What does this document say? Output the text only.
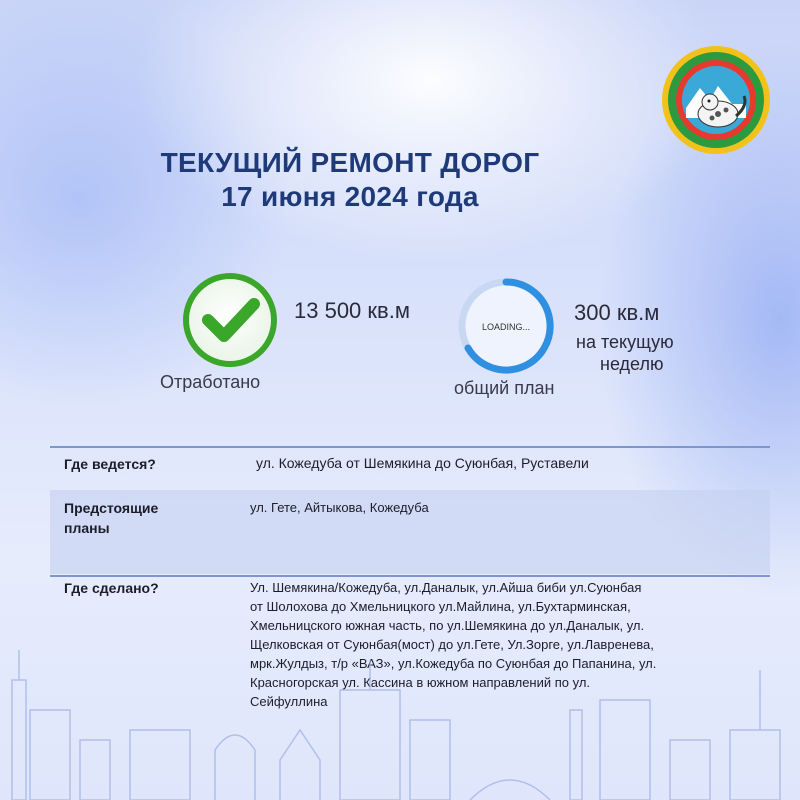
ТЕКУЩИЙ РЕМОНТ ДОРОГ
17 июня 2024 года
13 500 кв.м
Отработано
LOADING...
общий план
300 кв.м
на текущую
неделю
Где ведется?	ул. Кожедуба от Шемякина до Суюнбая, Руставели
Предстоящие
планы
ул. Гете, Айтыкова, Кожедуба
Где сделано?	Ул. Шемякина/Кожедуба, ул.Даналык, ул.Айша биби ул.Суюнбая
от Шолохова до Хмельницкого ул.Майлина, ул.Бухтарминская,
Хмельницского южная часть, по ул.Шемякина до ул.Даналык, ул.
Щелковская от Суюнбая(мост) до ул.Гете, Ул.Зорге, ул.Лавренева,
мрк.Жулдыз, т/р «ВАЗ», ул.Кожедуба по Суюнбая до Папанина, ул.
Красногорская ул. Кассина в южном направлений по ул.
Сейфуллина
